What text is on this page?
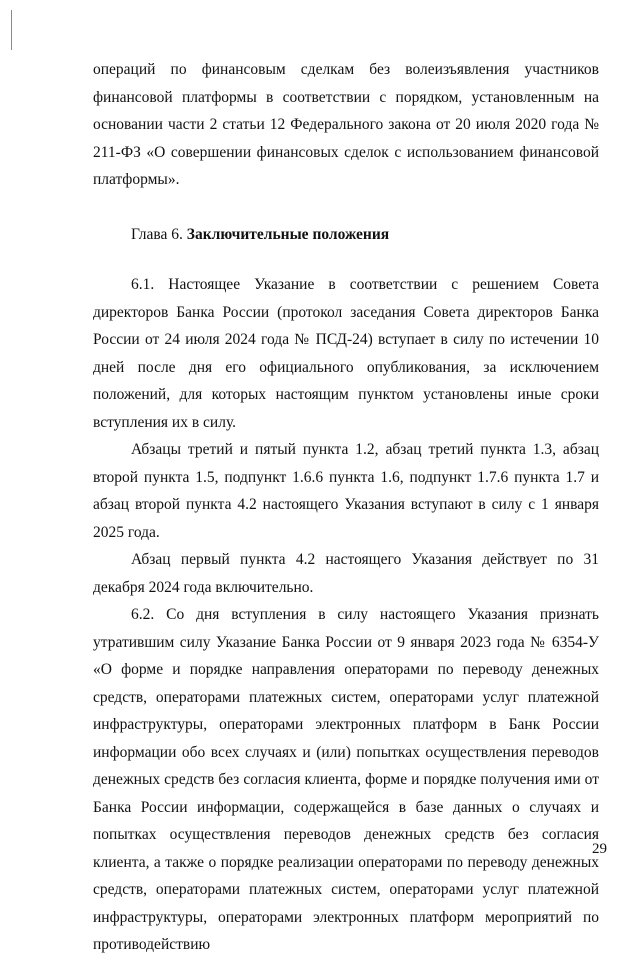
операций по финансовым сделкам без волеизъявления участников финансовой платформы в соответствии с порядком, установленным на основании части 2 статьи 12 Федерального закона от 20 июля 2020 года № 211-ФЗ «О совершении финансовых сделок с использованием финансовой платформы».

Глава 6. Заключительные положения

6.1. Настоящее Указание в соответствии с решением Совета директоров Банка России (протокол заседания Совета директоров Банка России от 24 июля 2024 года № ПСД-24) вступает в силу по истечении 10 дней после дня его официального опубликования, за исключением положений, для которых настоящим пунктом установлены иные сроки вступления их в силу.

Абзацы третий и пятый пункта 1.2, абзац третий пункта 1.3, абзац второй пункта 1.5, подпункт 1.6.6 пункта 1.6, подпункт 1.7.6 пункта 1.7 и абзац второй пункта 4.2 настоящего Указания вступают в силу с 1 января 2025 года.

Абзац первый пункта 4.2 настоящего Указания действует по 31 декабря 2024 года включительно.

6.2. Со дня вступления в силу настоящего Указания признать утратившим силу Указание Банка России от 9 января 2023 года № 6354-У «О форме и порядке направления операторами по переводу денежных средств, операторами платежных систем, операторами услуг платежной инфраструктуры, операторами электронных платформ в Банк России информации обо всех случаях и (или) попытках осуществления переводов денежных средств без согласия клиента, форме и порядке получения ими от Банка России информации, содержащейся в базе данных о случаях и попытках осуществления переводов денежных средств без согласия клиента, а также о порядке реализации операторами по переводу денежных средств, операторами платежных систем, операторами услуг платежной инфраструктуры, операторами электронных платформ мероприятий по противодействию

29
